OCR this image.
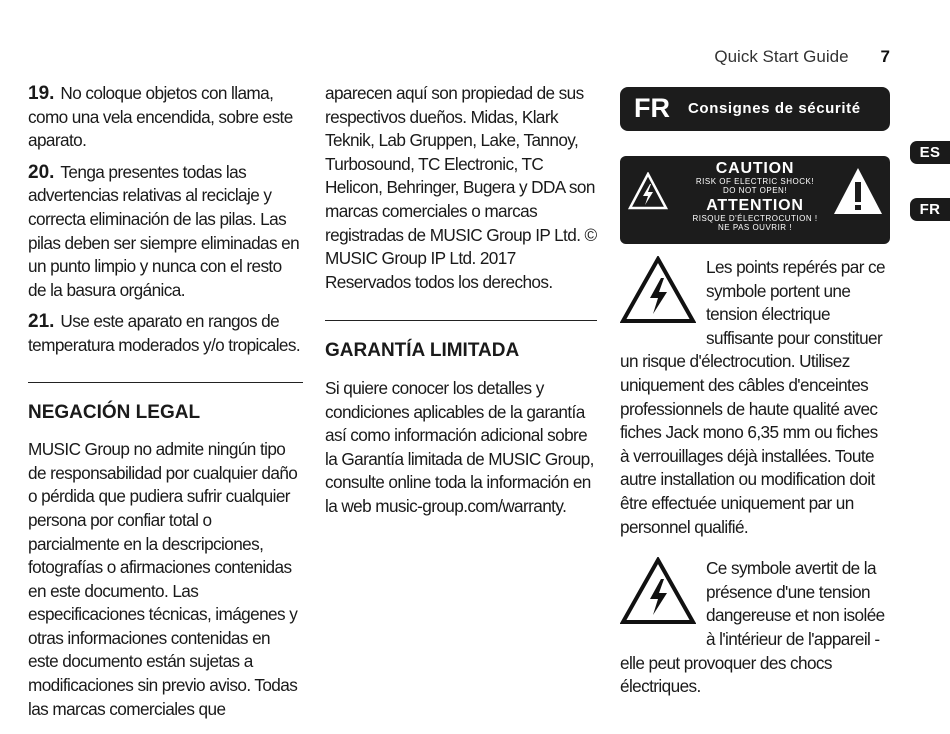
Quick Start Guide 7
ES
FR
19. No coloque objetos con llama, como una vela encendida, sobre este aparato.
20. Tenga presentes todas las advertencias relativas al reciclaje y correcta eliminación de las pilas. Las pilas deben ser siempre eliminadas en un punto limpio y nunca con el resto de la basura orgánica.
21. Use este aparato en rangos de temperatura moderados y/o tropicales.
NEGACIÓN LEGAL
MUSIC Group no admite ningún tipo de responsabilidad por cualquier daño o pérdida que pudiera sufrir cualquier persona por confiar total o parcialmente en la descripciones, fotografías o afirmaciones contenidas en este documento. Las especificaciones técnicas, imágenes y otras informaciones contenidas en este documento están sujetas a modificaciones sin previo aviso. Todas las marcas comerciales que
aparecen aquí son propiedad de sus respectivos dueños. Midas, Klark Teknik, Lab Gruppen, Lake, Tannoy, Turbosound, TC Electronic, TC Helicon, Behringer, Bugera y DDA son marcas comerciales o marcas registradas de MUSIC Group IP Ltd. © MUSIC Group IP Ltd. 2017 Reservados todos los derechos.
GARANTÍA LIMITADA
Si quiere conocer los detalles y condiciones aplicables de la garantía así como información adicional sobre la Garantía limitada de MUSIC Group, consulte online toda la información en la web music-group.com/warranty.
FR Consignes de sécurité
CAUTION
RISK OF ELECTRIC SHOCK!
DO NOT OPEN!
ATTENTION
RISQUE D'ÉLECTROCUTION !
NE PAS OUVRIR !

Les points repérés par ce symbole portent une tension électrique suffisante pour constituer un risque d'électrocution. Utilisez uniquement des câbles d'enceintes professionnels de haute qualité avec fiches Jack mono 6,35 mm ou fiches à verrouillages déjà installées. Toute autre installation ou modification doit être effectuée uniquement par un personnel qualifié.

Ce symbole avertit de la présence d'une tension dangereuse et non isolée à l'intérieur de l'appareil - elle peut provoquer des chocs électriques.
